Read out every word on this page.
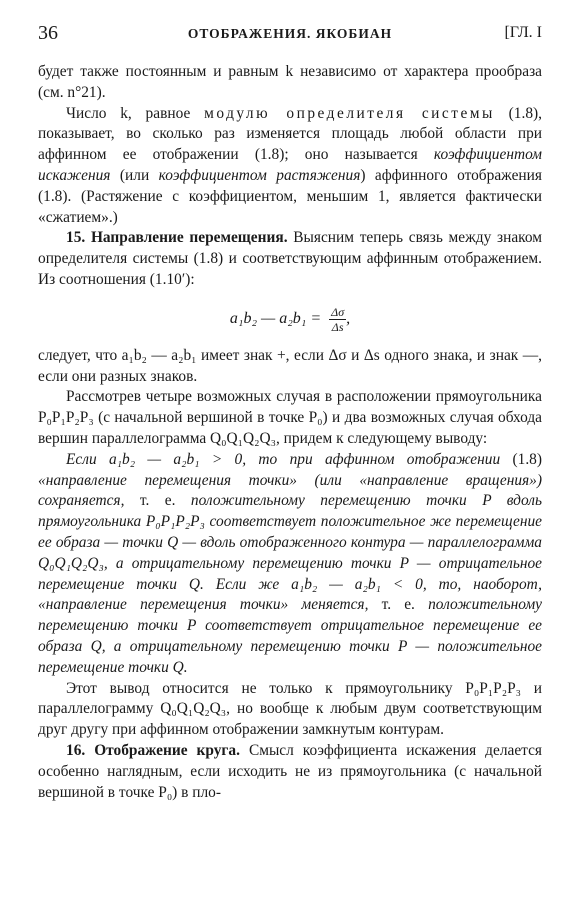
36	ОТОБРАЖЕНИЯ. ЯКОБИАН	[ГЛ. I

будет также постоянным и равным k независимо от характера прообраза (см. n°21).

Число k, равное модулю определителя системы (1.8), показывает, во сколько раз изменяется площадь любой области при аффинном ее отображении (1.8); оно называется коэффициентом искажения (или коэффициентом растяжения) аффинного отображения (1.8). (Растяжение с коэффициентом, меньшим 1, является фактически «сжатием».)

15. Направление перемещения. Выясним теперь связь между знаком определителя системы (1.8) и соответствующим аффинным отображением. Из соотношения (1.10′):

a₁b₂ — $a_2b_1 = \frac{\Delta\sigma}{\Delta s}$ ,

следует, что a₁b₂ — a₂b₁ имеет знак +, если Δσ и Δs одного знака, и знак —, если они разных знаков.

Рассмотрев четыре возможных случая в расположении прямоугольника P₀P₁P₂P₃ (с начальной вершиной в точке P₀) и два возможных случая обхода вершин параллелограмма Q₀Q₁Q₂Q₃, придем к следующему выводу:

Если a₁b₂ — a₂b₁ > 0, то при аффинном отображении (1.8) «направление перемещения точки» (или «направление вращения») сохраняется, т. е. положительному перемещению точки P вдоль прямоугольника P₀P₁P₂P₃ соответствует положительное же перемещение ее образа — точки Q — вдоль отображенного контура — параллелограмма Q₀Q₁Q₂Q₃, а отрицательному перемещению точки P — отрицательное перемещение точки Q. Если же a₁b₂ — a₂b₁ < 0, то, наоборот, «направление перемещения точки» меняется, т. е. положительному перемещению точки P соответствует отрицательное перемещение ее образа Q, а отрицательному перемещению точки P — положительное перемещение точки Q.

Этот вывод относится не только к прямоугольнику P₀P₁P₂P₃ и параллелограмму Q₀Q₁Q₂Q₃, но вообще к любым двум соответствующим друг другу при аффинном отображении замкнутым контурам.

16. Отображение круга. Смысл коэффициента искажения делается особенно наглядным, если исходить не из прямоугольника (с начальной вершиной в точке P₀) в пло-
